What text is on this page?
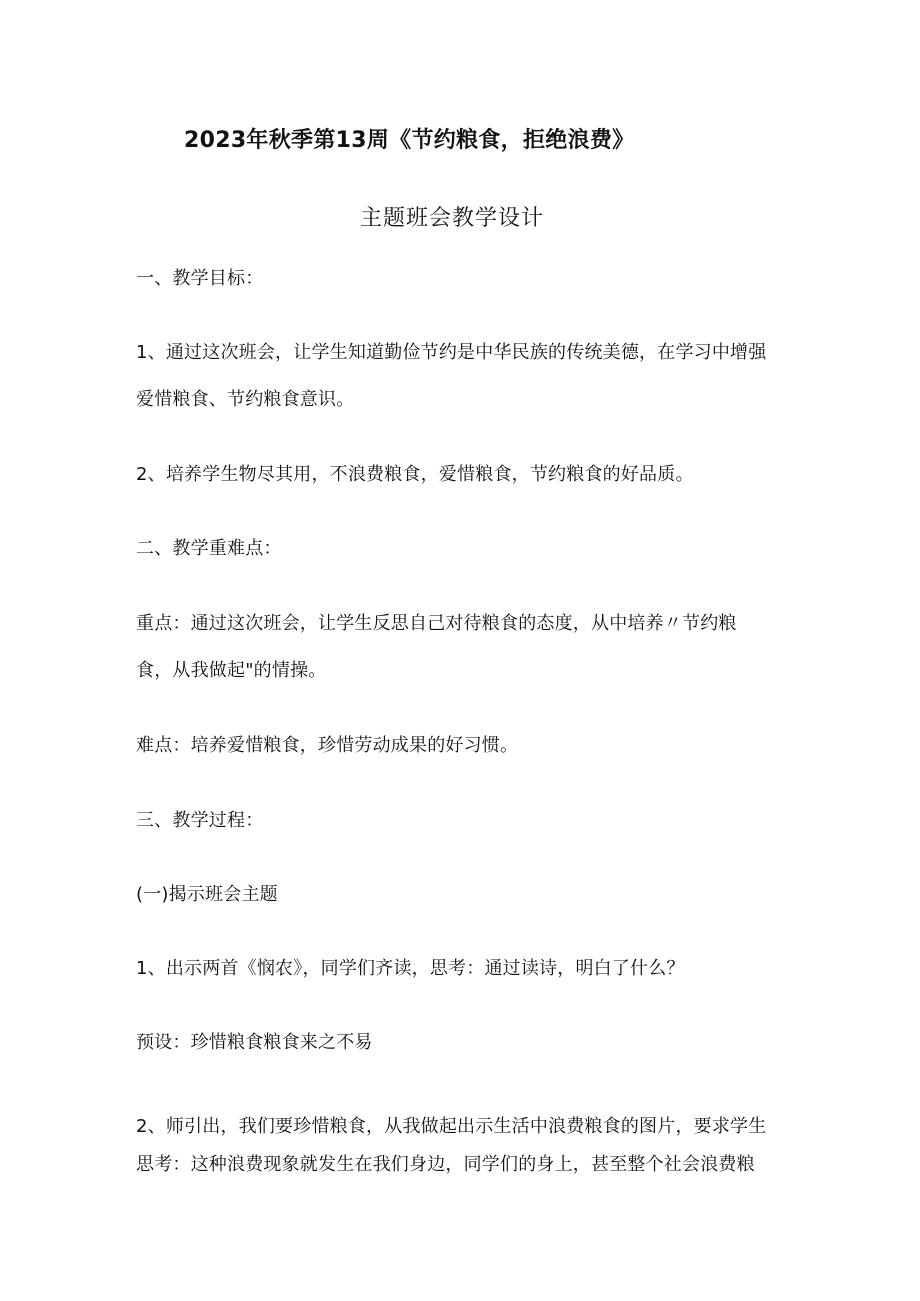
2023年秋季第13周《节约粮食，拒绝浪费》
主题班会教学设计
一、教学目标：
1、通过这次班会，让学生知道勤俭节约是中华民族的传统美德，在学习中增强
爱惜粮食、节约粮食意识。
2、培养学生物尽其用，不浪费粮食，爱惜粮食，节约粮食的好品质。
二、教学重难点：
重点：通过这次班会，让学生反思自己对待粮食的态度，从中培养〃节约粮
食，从我做起"的情操。
难点：培养爱惜粮食，珍惜劳动成果的好习惯。
三、教学过程：
(一)揭示班会主题
1、出示两首《悯农》，同学们齐读，思考：通过读诗，明白了什么？
预设：珍惜粮食粮食来之不易
2、师引出，我们要珍惜粮食，从我做起出示生活中浪费粮食的图片，要求学生
思考：这种浪费现象就发生在我们身边，同学们的身上，甚至整个社会浪费粮
